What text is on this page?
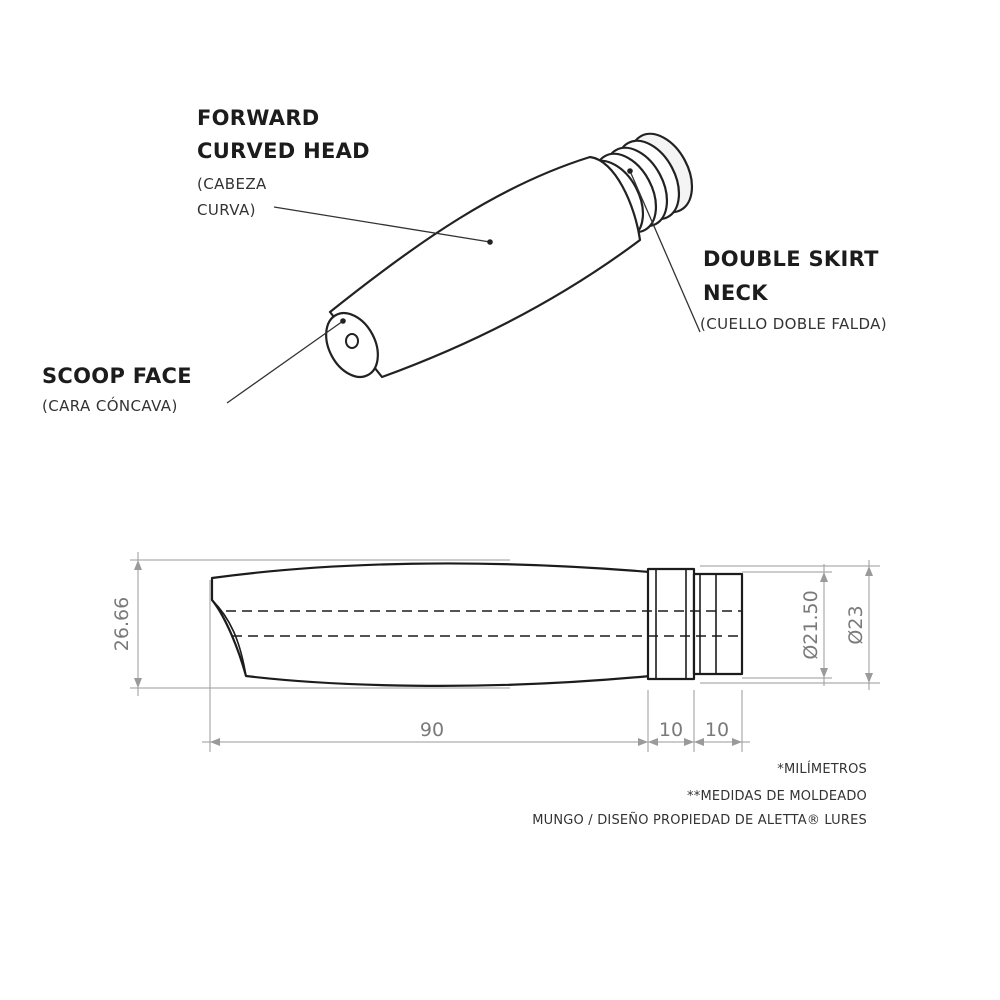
26.66
90	10 10
Ø21.50 Ø23
FORWARD
CURVED HEAD
(CABEZA
CURVA)
DOUBLE SKIRT
NECK
(CUELLO DOBLE FALDA)
SCOOP FACE
(CARA CÓNCAVA)
*MILÍMETROS
**MEDIDAS DE MOLDEADO
MUNGO / DISEÑO PROPIEDAD DE ALETTA® LURES
